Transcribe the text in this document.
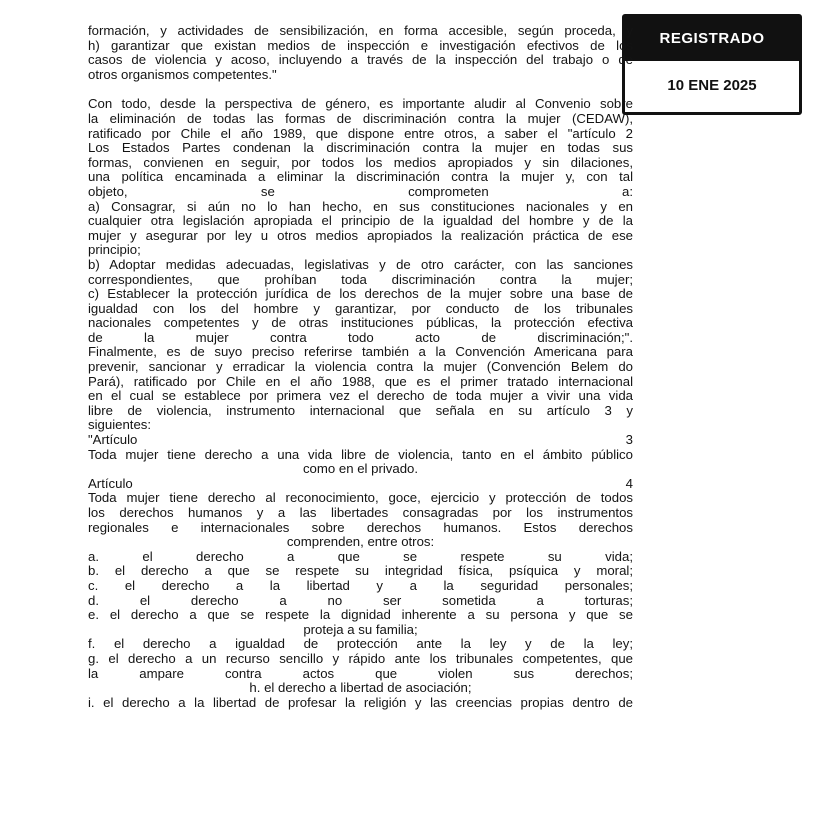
REGISTRADO
10 ENE 2025

formación, y actividades de sensibilización, en forma accesible, según proceda, y

h) garantizar que existan medios de inspección e investigación efectivos de los

casos de violencia y acoso, incluyendo a través de la inspección del trabajo o de

otros organismos competentes."

Con todo, desde la perspectiva de género, es importante aludir al Convenio sobre

la eliminación de todas las formas de discriminación contra la mujer (CEDAW),

ratificado por Chile el año 1989, que dispone entre otros, a saber el "artículo 2

Los Estados Partes condenan la discriminación contra la mujer en todas sus

formas, convienen en seguir, por todos los medios apropiados y sin dilaciones,

una política encaminada a eliminar la discriminación contra la mujer y, con tal

objeto, se comprometen a:

a) Consagrar, si aún no lo han hecho, en sus constituciones nacionales y en

cualquier otra legislación apropiada el principio de la igualdad del hombre y de la

mujer y asegurar por ley u otros medios apropiados la realización práctica de ese

principio;

b) Adoptar medidas adecuadas, legislativas y de otro carácter, con las sanciones

correspondientes, que prohíban toda discriminación contra la mujer;

c) Establecer la protección jurídica de los derechos de la mujer sobre una base de

igualdad con los del hombre y garantizar, por conducto de los tribunales

nacionales competentes y de otras instituciones públicas, la protección efectiva

de la mujer contra todo acto de discriminación;".

Finalmente, es de suyo preciso referirse también a la Convención Americana para

prevenir, sancionar y erradicar la violencia contra la mujer (Convención Belem do

Pará), ratificado por Chile en el año 1988, que es el primer tratado internacional

en el cual se establece por primera vez el derecho de toda mujer a vivir una vida

libre de violencia, instrumento internacional que señala en su artículo 3 y

siguientes:

"Artículo 3

Toda mujer tiene derecho a una vida libre de violencia, tanto en el ámbito público

como en el privado.

Artículo 4

Toda mujer tiene derecho al reconocimiento, goce, ejercicio y protección de todos

los derechos humanos y a las libertades consagradas por los instrumentos

regionales e internacionales sobre derechos humanos. Estos derechos

comprenden, entre otros:

a. el derecho a que se respete su vida;

b. el derecho a que se respete su integridad física, psíquica y moral;

c. el derecho a la libertad y a la seguridad personales;

d. el derecho a no ser sometida a torturas;

e. el derecho a que se respete la dignidad inherente a su persona y que se

proteja a su familia;

f. el derecho a igualdad de protección ante la ley y de la ley;

g. el derecho a un recurso sencillo y rápido ante los tribunales competentes, que

la ampare contra actos que violen sus derechos;

h. el derecho a libertad de asociación;

i. el derecho a la libertad de profesar la religión y las creencias propias dentro de
